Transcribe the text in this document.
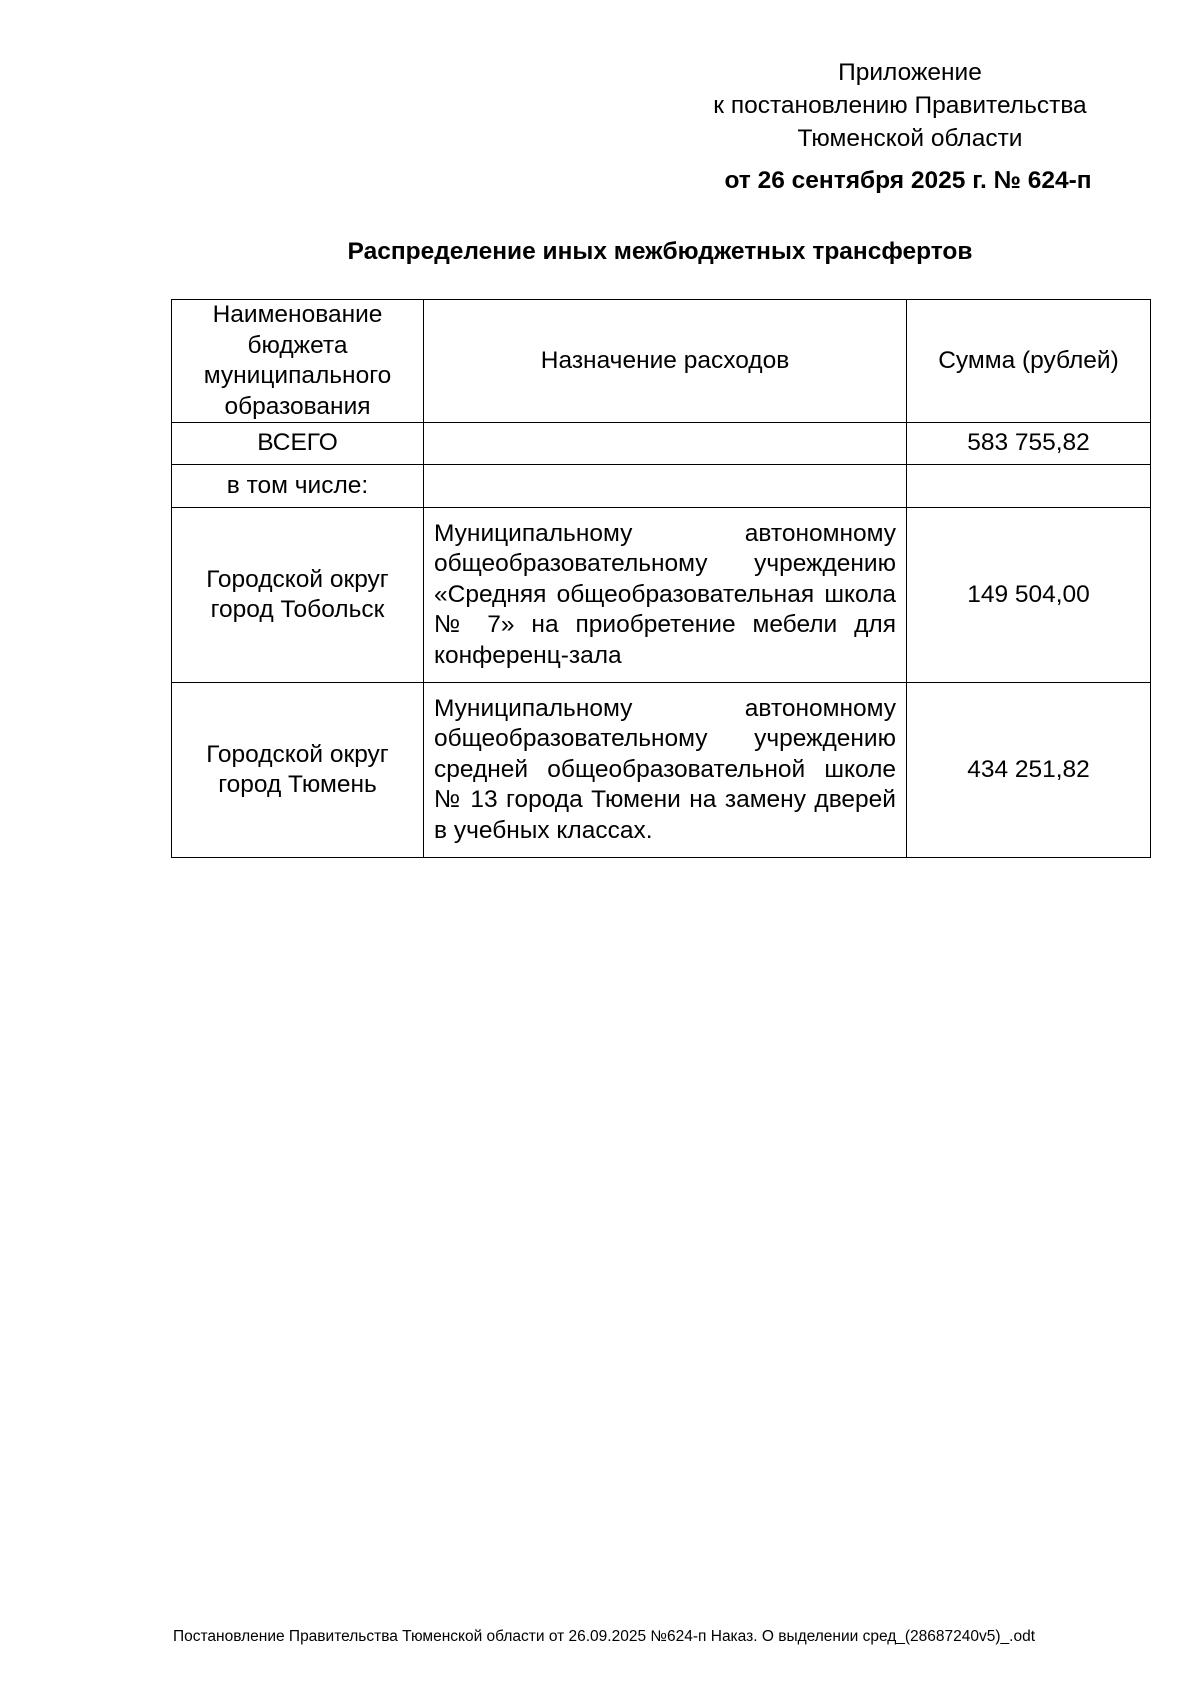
Приложение
к постановлению Правительства
Тюменской области
от 26 сентября 2025 г. № 624-п
Распределение иных межбюджетных трансфертов
Наименование бюджета муниципального образования	Назначение расходов	Сумма (рублей)
ВСЕГО		583 755,82
в том числе:		
Городской округ город Тобольск	Муниципальному автономному общеобразовательному учреждению «Средняя общеобразовательная школа № 7» на приобретение мебели для конференц-зала	149 504,00
Городской округ город Тюмень	Муниципальному автономному общеобразовательному учреждению средней общеобразовательной школе № 13 города Тюмени на замену дверей в учебных классах.	434 251,82
Постановление Правительства Тюменской области от 26.09.2025 №624-п Наказ. О выделении сред_(28687240v5)_.odt
